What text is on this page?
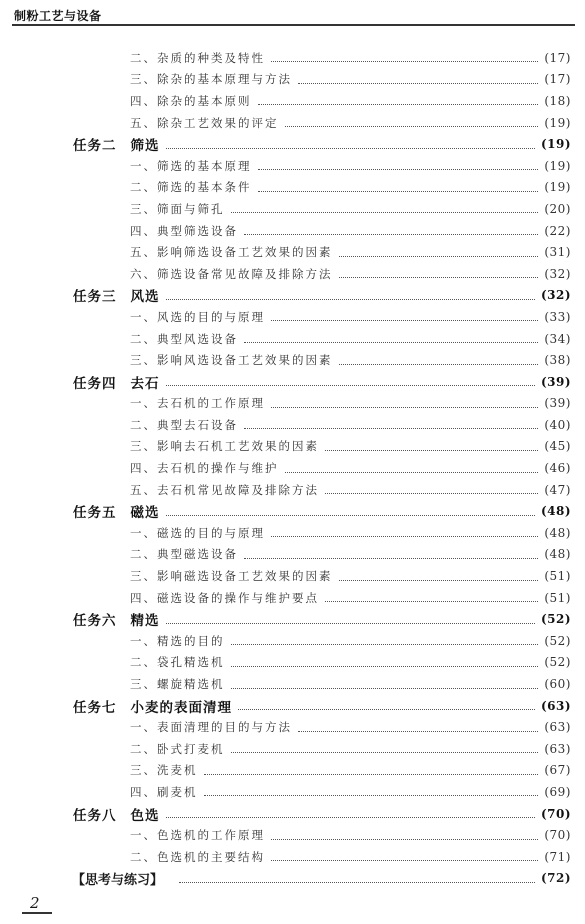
制粉工艺与设备
二、杂质的种类及特性	(17)
三、除杂的基本原理与方法	(17)
四、除杂的基本原则	(18)
五、除杂工艺效果的评定	(19)
任务二 筛选	(19)
一、筛选的基本原理	(19)
二、筛选的基本条件	(19)
三、筛面与筛孔	(20)
四、典型筛选设备	(22)
五、影响筛选设备工艺效果的因素	(31)
六、筛选设备常见故障及排除方法	(32)
任务三 风选	(32)
一、风选的目的与原理	(33)
二、典型风选设备	(34)
三、影响风选设备工艺效果的因素	(38)
任务四 去石	(39)
一、去石机的工作原理	(39)
二、典型去石设备	(40)
三、影响去石机工艺效果的因素	(45)
四、去石机的操作与维护	(46)
五、去石机常见故障及排除方法	(47)
任务五 磁选	(48)
一、磁选的目的与原理	(48)
二、典型磁选设备	(48)
三、影响磁选设备工艺效果的因素	(51)
四、磁选设备的操作与维护要点	(51)
任务六 精选	(52)
一、精选的目的	(52)
二、袋孔精选机	(52)
三、螺旋精选机	(60)
任务七 小麦的表面清理	(63)
一、表面清理的目的与方法	(63)
二、卧式打麦机	(63)
三、洗麦机	(67)
四、刷麦机	(69)
任务八 色选	(70)
一、色选机的工作原理	(70)
二、色选机的主要结构	(71)
【思考与练习】	(72)
2
